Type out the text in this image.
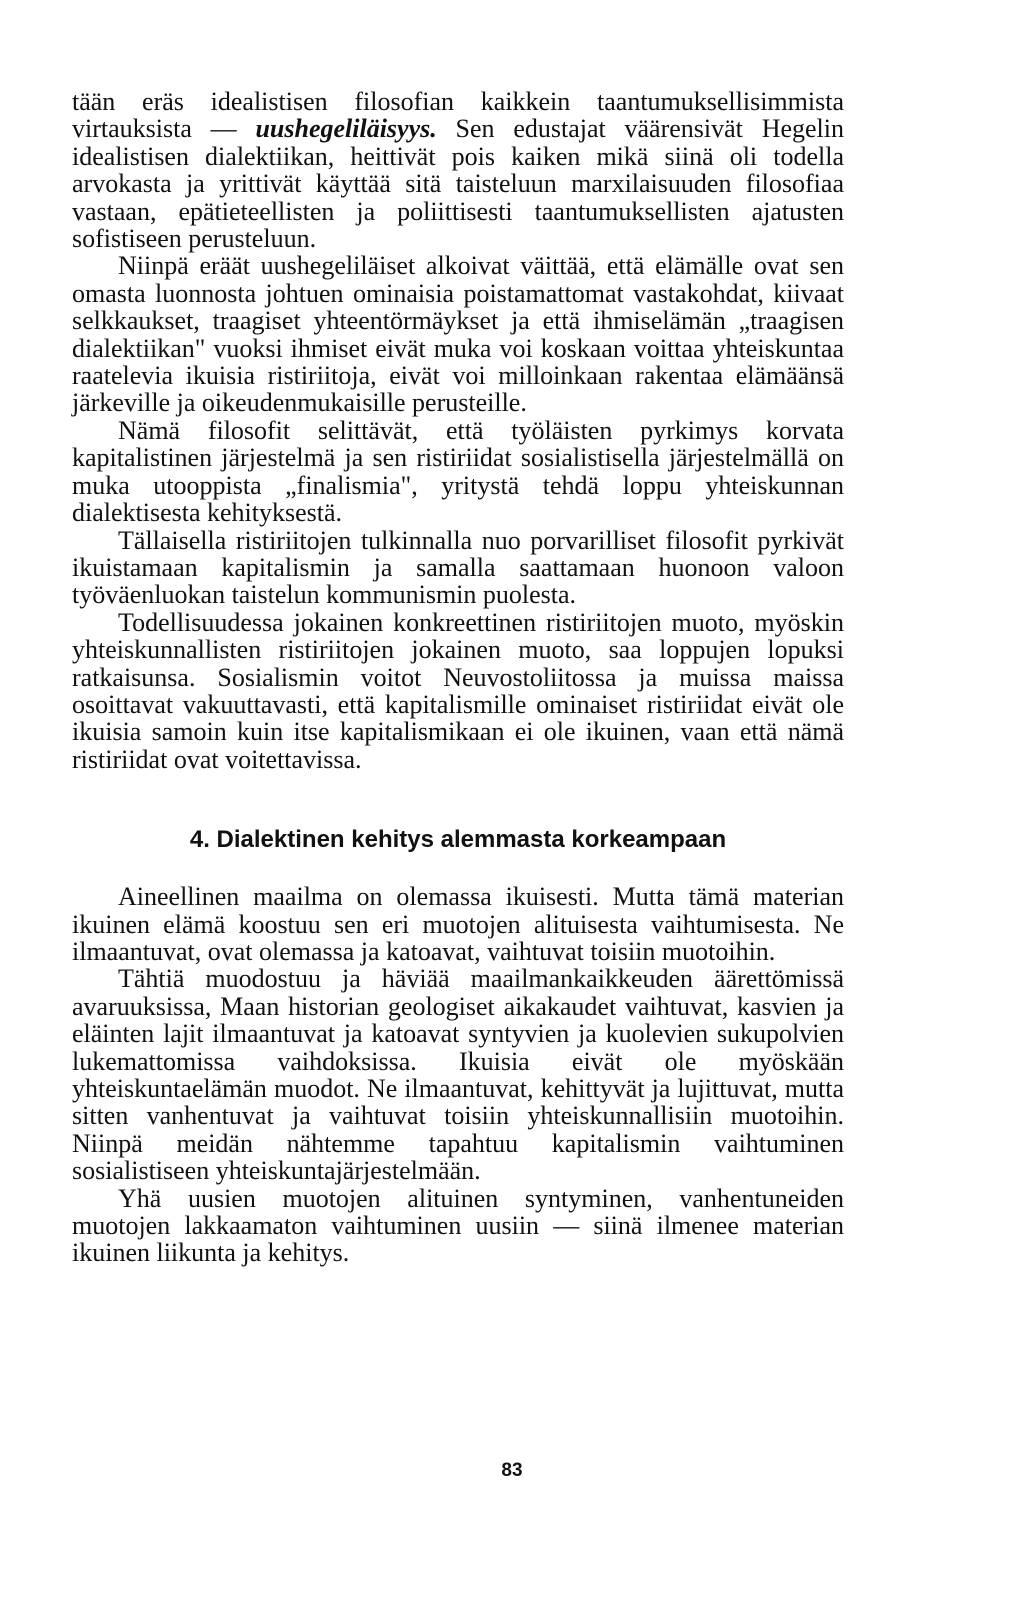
tään eräs idealistisen filosofian kaikkein taantumuksellisimmista virtauksista — uushegeliläisyys. Sen edustajat väärensivät Hegelin idealistisen dialektiikan, heittivät pois kaiken mikä siinä oli todella arvokasta ja yrittivät käyttää sitä taisteluun marxilaisuuden filosofiaa vastaan, epätieteellisten ja poliittisesti taantumuksellisten ajatusten sofistiseen perusteluun.

Niinpä eräät uushegeliläiset alkoivat väittää, että elämälle ovat sen omasta luonnosta johtuen ominaisia poistamattomat vastakohdat, kiivaat selkkaukset, traagiset yhteentörmäykset ja että ihmiselämän „traagisen dialektiikan" vuoksi ihmiset eivät muka voi koskaan voittaa yhteiskuntaa raatelevia ikuisia ristiriitoja, eivät voi milloinkaan rakentaa elämäänsä järkeville ja oikeudenmukaisille perusteille.

Nämä filosofit selittävät, että työläisten pyrkimys korvata kapitalistinen järjestelmä ja sen ristiriidat sosialistisella järjestelmällä on muka utooppista „finalismia", yritystä tehdä loppu yhteiskunnan dialektisesta kehityksestä.

Tällaisella ristiriitojen tulkinnalla nuo porvarilliset filosofit pyrkivät ikuistamaan kapitalismin ja samalla saattamaan huonoon valoon työväenluokan taistelun kommunismin puolesta.

Todellisuudessa jokainen konkreettinen ristiriitojen muoto, myöskin yhteiskunnallisten ristiriitojen jokainen muoto, saa loppujen lopuksi ratkaisunsa. Sosialismin voitot Neuvostoliitossa ja muissa maissa osoittavat vakuuttavasti, että kapitalismille ominaiset ristiriidat eivät ole ikuisia samoin kuin itse kapitalismikaan ei ole ikuinen, vaan että nämä ristiriidat ovat voitettavissa.

4. Dialektinen kehitys alemmasta korkeampaan

Aineellinen maailma on olemassa ikuisesti. Mutta tämä materian ikuinen elämä koostuu sen eri muotojen alituisesta vaihtumisesta. Ne ilmaantuvat, ovat olemassa ja katoavat, vaihtuvat toisiin muotoihin.

Tähtiä muodostuu ja häviää maailmankaikkeuden äärettömissä avaruuksissa, Maan historian geologiset aikakaudet vaihtuvat, kasvien ja eläinten lajit ilmaantuvat ja katoavat syntyvien ja kuolevien sukupolvien lukemattomissa vaihdoksissa. Ikuisia eivät ole myöskään yhteiskuntaelämän muodot. Ne ilmaantuvat, kehittyvät ja lujittuvat, mutta sitten vanhentuvat ja vaihtuvat toisiin yhteiskunnallisiin muotoihin. Niinpä meidän nähtemme tapahtuu kapitalismin vaihtuminen sosialistiseen yhteiskuntajärjestelmään.

Yhä uusien muotojen alituinen syntyminen, vanhentuneiden muotojen lakkaamaton vaihtuminen uusiin — siinä ilmenee materian ikuinen liikunta ja kehitys.

83
